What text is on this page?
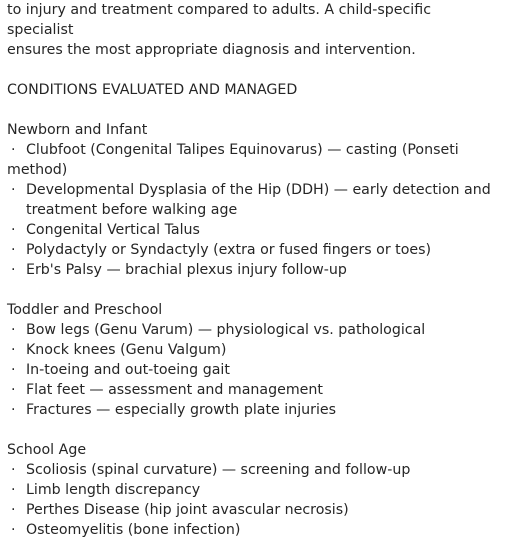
to injury and treatment compared to adults. A child-specific
specialist
ensures the most appropriate diagnosis and intervention.
CONDITIONS EVALUATED AND MANAGED
Newborn and Infant
· Clubfoot (Congenital Talipes Equinovarus) — casting (Ponseti method)
· Developmental Dysplasia of the Hip (DDH) — early detection and treatment before walking age
· Congenital Vertical Talus
· Polydactyly or Syndactyly (extra or fused fingers or toes)
· Erb's Palsy — brachial plexus injury follow-up
Toddler and Preschool
· Bow legs (Genu Varum) — physiological vs. pathological
· Knock knees (Genu Valgum)
· In-toeing and out-toeing gait
· Flat feet — assessment and management
· Fractures — especially growth plate injuries
School Age
· Scoliosis (spinal curvature) — screening and follow-up
· Limb length discrepancy
· Perthes Disease (hip joint avascular necrosis)
· Osteomyelitis (bone infection)
